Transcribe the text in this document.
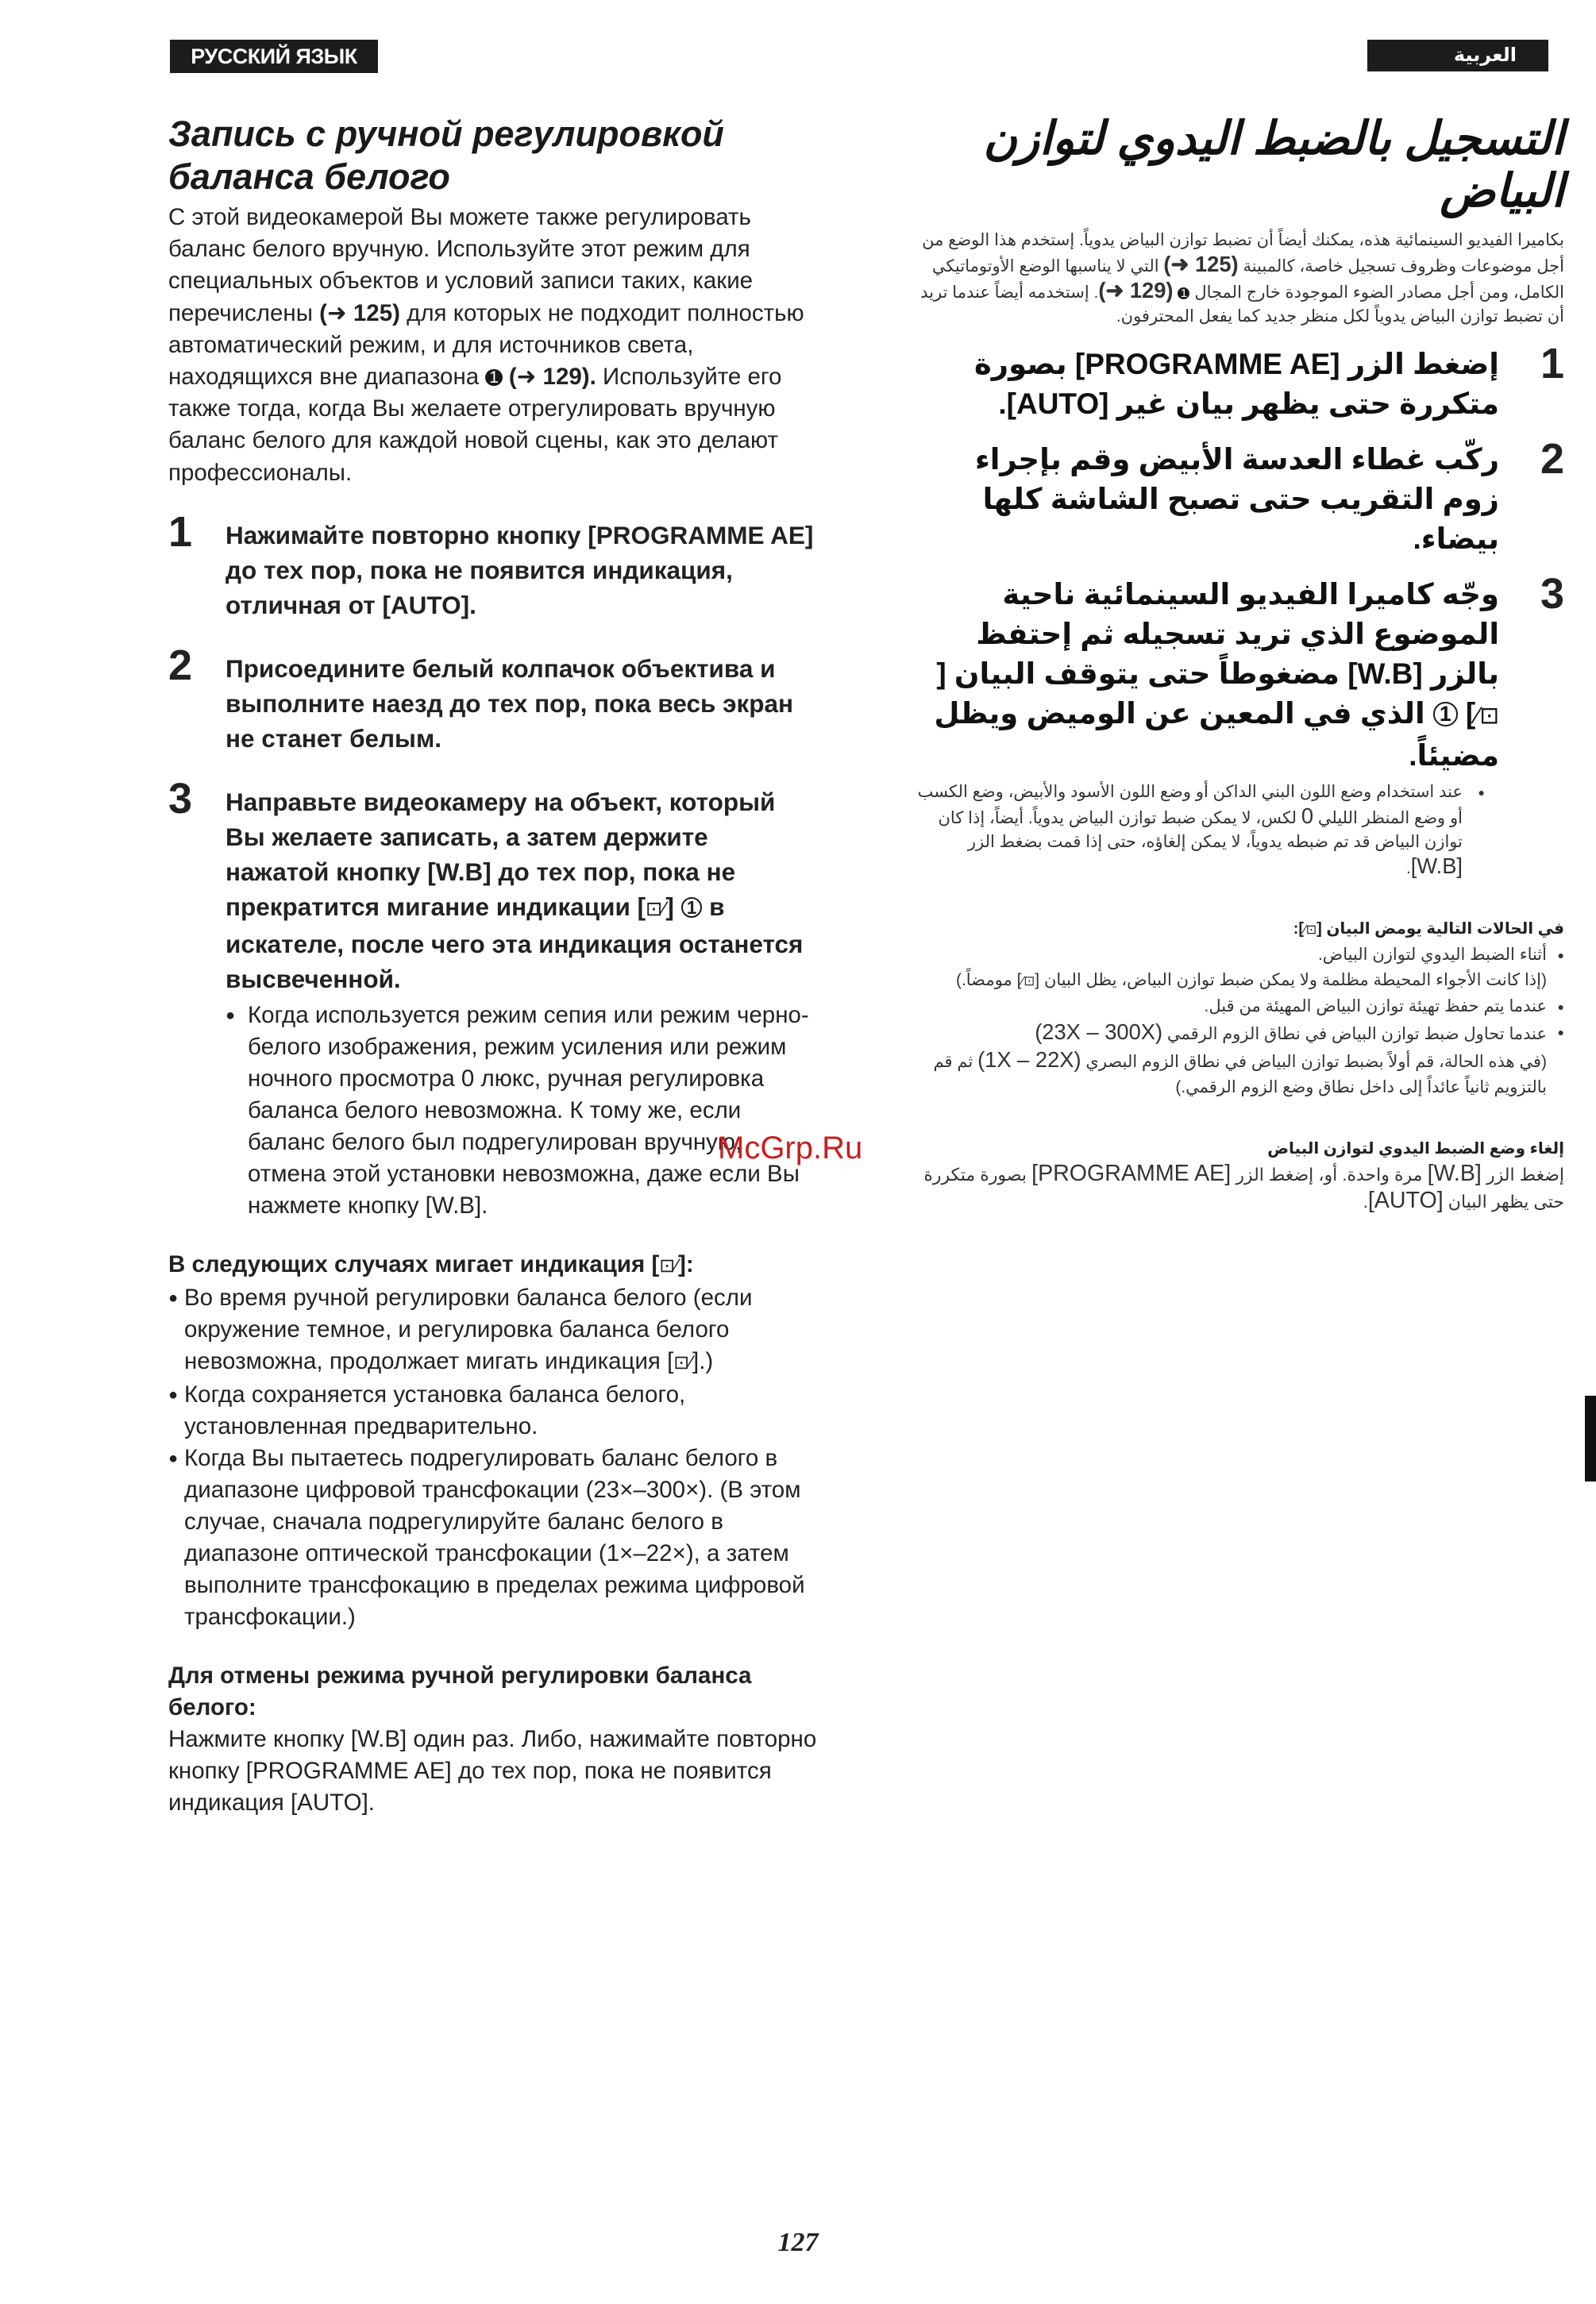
РУССКИЙ ЯЗЫК	العربية
Запись с ручной регулировкой баланса белого

С этой видеокамерой Вы можете также регулировать баланс белого вручную. Используйте этот режим для специальных объектов и условий записи таких, какие перечислены (➜ 125) для которых не подходит полностью автоматический режим, и для источников света, находящихся вне диапазона 1 (➜ 129). Используйте его также тогда, когда Вы желаете отрегулировать вручную баланс белого для каждой новой сцены, как это делают профессионалы.

1 Нажимайте повторно кнопку [PROGRAMME AE] до тех пор, пока не появится индикация, отличная от [AUTO].
2 Присоедините белый колпачок объектива и выполните наезд до тех пор, пока весь экран не станет белым.
3 Направьте видеокамеру на объект, который Вы желаете записать, а затем держите нажатой кнопку [W.B] до тех пор, пока не прекратится мигание индикации [⊡⁄] 1 в искателе, после чего эта индикация останется высвеченной.
● Когда используется режим сепия или режим черно-белого изображения, режим усиления или режим ночного просмотра 0 люкс, ручная регулировка баланса белого невозможна. К тому же, если баланс белого был подрегулирован вручную, отмена этой установки невозможна, даже если Вы нажмете кнопку [W.B].
В следующих случаях мигает индикация [⊡⁄]:
● Во время ручной регулировки баланса белого (если окружение темное, и регулировка баланса белого невозможна, продолжает мигать индикация [⊡⁄].)
● Когда сохраняется установка баланса белого, установленная предварительно.
● Когда Вы пытаетесь подрегулировать баланс белого в диапазоне цифровой трансфокации (23×–300×). (В этом случае, сначала подрегулируйте баланс белого в диапазоне оптической трансфокации (1×–22×), а затем выполните трансфокацию в пределах режима цифровой трансфокации.)
Для отмены режима ручной регулировки баланса белого:
Нажмите кнопку [W.B] один раз. Либо, нажимайте повторно кнопку [PROGRAMME AE] до тех пор, пока не появится индикация [AUTO].
التسجيل بالضبط اليدوي لتوازن البياض
بكاميرا الفيديو السينمائية هذه، يمكنك أيضاً أن تضبط توازن البياض يدوياً. إستخدم هذا الوضع من أجل موضوعات وظروف تسجيل خاصة، كالمبينة (➜ 125) التي لا يناسبها الوضع الأوتوماتيكي الكامل، ومن أجل مصادر الضوء الموجودة خارج المجال 1 (➜ 129). إستخدمه أيضاً عندما تريد أن تضبط توازن البياض يدوياً لكل منظر جديد كما يفعل المحترفون.
1
إضغط الزر [PROGRAMME AE] بصورة متكررة حتى يظهر بيان غير [AUTO].
2
ركّب غطاء العدسة الأبيض وقم بإجراء زوم التقريب حتى تصبح الشاشة كلها بيضاء.
3
وجّه كاميرا الفيديو السينمائية ناحية الموضوع الذي تريد تسجيله ثم إحتفظ بالزر [W.B] مضغوطاً حتى يتوقف البيان [⊡⁄] 1 الذي في المعين عن الوميض ويظل مضيئاً.
● عند استخدام وضع اللون البني الداكن أو وضع اللون الأسود والأبيض، وضع الكسب أو وضع المنظر الليلي 0 لكس، لا يمكن ضبط توازن البياض يدوياً. أيضاً، إذا كان توازن البياض قد تم ضبطه يدوياً، لا يمكن إلغاؤه، حتى إذا قمت بضغط الزر [W.B].
في الحالات التالية يومض البيان [⊡⁄]:
● أثناء الضبط اليدوي لتوازن البياض.
(إذا كانت الأجواء المحيطة مظلمة ولا يمكن ضبط توازن البياض، يظل البيان [⊡⁄] مومضاً.)
● عندما يتم حفظ تهيئة توازن البياض المهيئة من قبل.
● عندما تحاول ضبط توازن البياض في نطاق الزوم الرقمي (23X – 300X)
(في هذه الحالة، قم أولاً بضبط توازن البياض في نطاق الزوم البصري (1X – 22X) ثم قم بالتزويم ثانياً عائداً إلى داخل نطاق وضع الزوم الرقمي.)
إلغاء وضع الضبط اليدوي لتوازن البياض
إضغط الزر [W.B] مرة واحدة. أو، إضغط الزر [PROGRAMME AE] بصورة متكررة حتى يظهر البيان [AUTO].
McGrp.Ru
127
